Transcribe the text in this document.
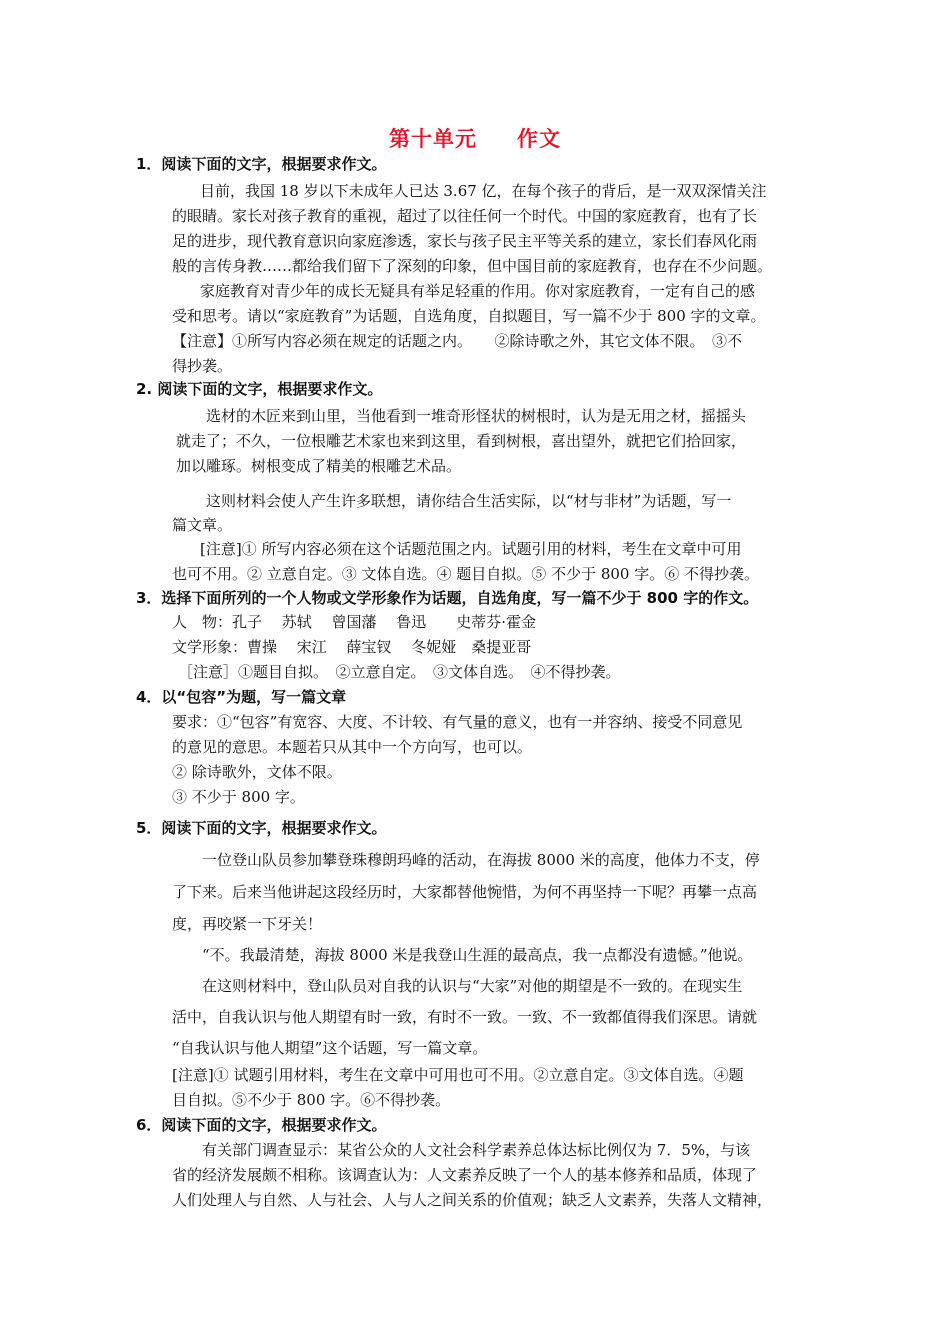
第十单元 作文
1．阅读下面的文字，根据要求作文。
目前，我国 18 岁以下未成年人已达 3.67 亿，在每个孩子的背后，是一双双深情关注
的眼睛。家长对孩子教育的重视，超过了以往任何一个时代。中国的家庭教育，也有了长
足的进步，现代教育意识向家庭渗透，家长与孩子民主平等关系的建立，家长们春风化雨
般的言传身教……都给我们留下了深刻的印象，但中国目前的家庭教育，也存在不少问题。
家庭教育对青少年的成长无疑具有举足轻重的作用。你对家庭教育，一定有自己的感
受和思考。请以“家庭教育”为话题，自选角度，自拟题目，写一篇不少于 800 字的文章。
【注意】①所写内容必须在规定的话题之内。　　②除诗歌之外，其它文体不限。　③不
得抄袭。
2. 阅读下面的文字，根据要求作文。
选材的木匠来到山里，当他看到一堆奇形怪状的树根时，认为是无用之材，摇摇头
就走了；不久，一位根雕艺术家也来到这里，看到树根，喜出望外，就把它们拾回家，
加以雕琢。树根变成了精美的根雕艺术品。
这则材料会使人产生许多联想，请你结合生活实际，以“材与非材”为话题，写一
篇文章。
[注意]① 所写内容必须在这个话题范围之内。试题引用的材料，考生在文章中可用
也可不用。② 立意自定。③ 文体自选。④ 题目自拟。⑤ 不少于 800 字。⑥ 不得抄袭。
3．选择下面所列的一个人物或文学形象作为话题，自选角度，写一篇不少于 800 字的作文。
人　物：孔子　 苏轼　 曾国藩　 鲁迅　　史蒂芬·霍金
文学形象：曹操　 宋江　 薛宝钗　 冬妮娅　桑提亚哥
［注意］①题目自拟。　②立意自定。　③文体自选。　④不得抄袭。
4．以“包容”为题，写一篇文章
要求：①“包容”有宽容、大度、不计较、有气量的意义，也有一并容纳、接受不同意见
的意见的意思。本题若只从其中一个方向写，也可以。
② 除诗歌外，文体不限。
③ 不少于 800 字。
5．阅读下面的文字，根据要求作文。
一位登山队员参加攀登珠穆朗玛峰的活动，在海拔 8000 米的高度，他体力不支，停
了下来。后来当他讲起这段经历时，大家都替他惋惜，为何不再坚持一下呢？再攀一点高
度，再咬紧一下牙关！
“不。我最清楚，海拔 8000 米是我登山生涯的最高点，我一点都没有遗憾。”他说。
在这则材料中，登山队员对自我的认识与“大家”对他的期望是不一致的。在现实生
活中，自我认识与他人期望有时一致，有时不一致。一致、不一致都值得我们深思。请就
“自我认识与他人期望”这个话题，写一篇文章。
[注意]① 试题引用材料，考生在文章中可用也可不用。②立意自定。③文体自选。④题
目自拟。⑤不少于 800 字。⑥不得抄袭。
6．阅读下面的文字，根据要求作文。
有关部门调查显示：某省公众的人文社会科学素养总体达标比例仅为 7．5%，与该
省的经济发展颇不相称。该调查认为：人文素养反映了一个人的基本修养和品质，体现了
人们处理人与自然、人与社会、人与人之间关系的价值观；缺乏人文素养，失落人文精神，
